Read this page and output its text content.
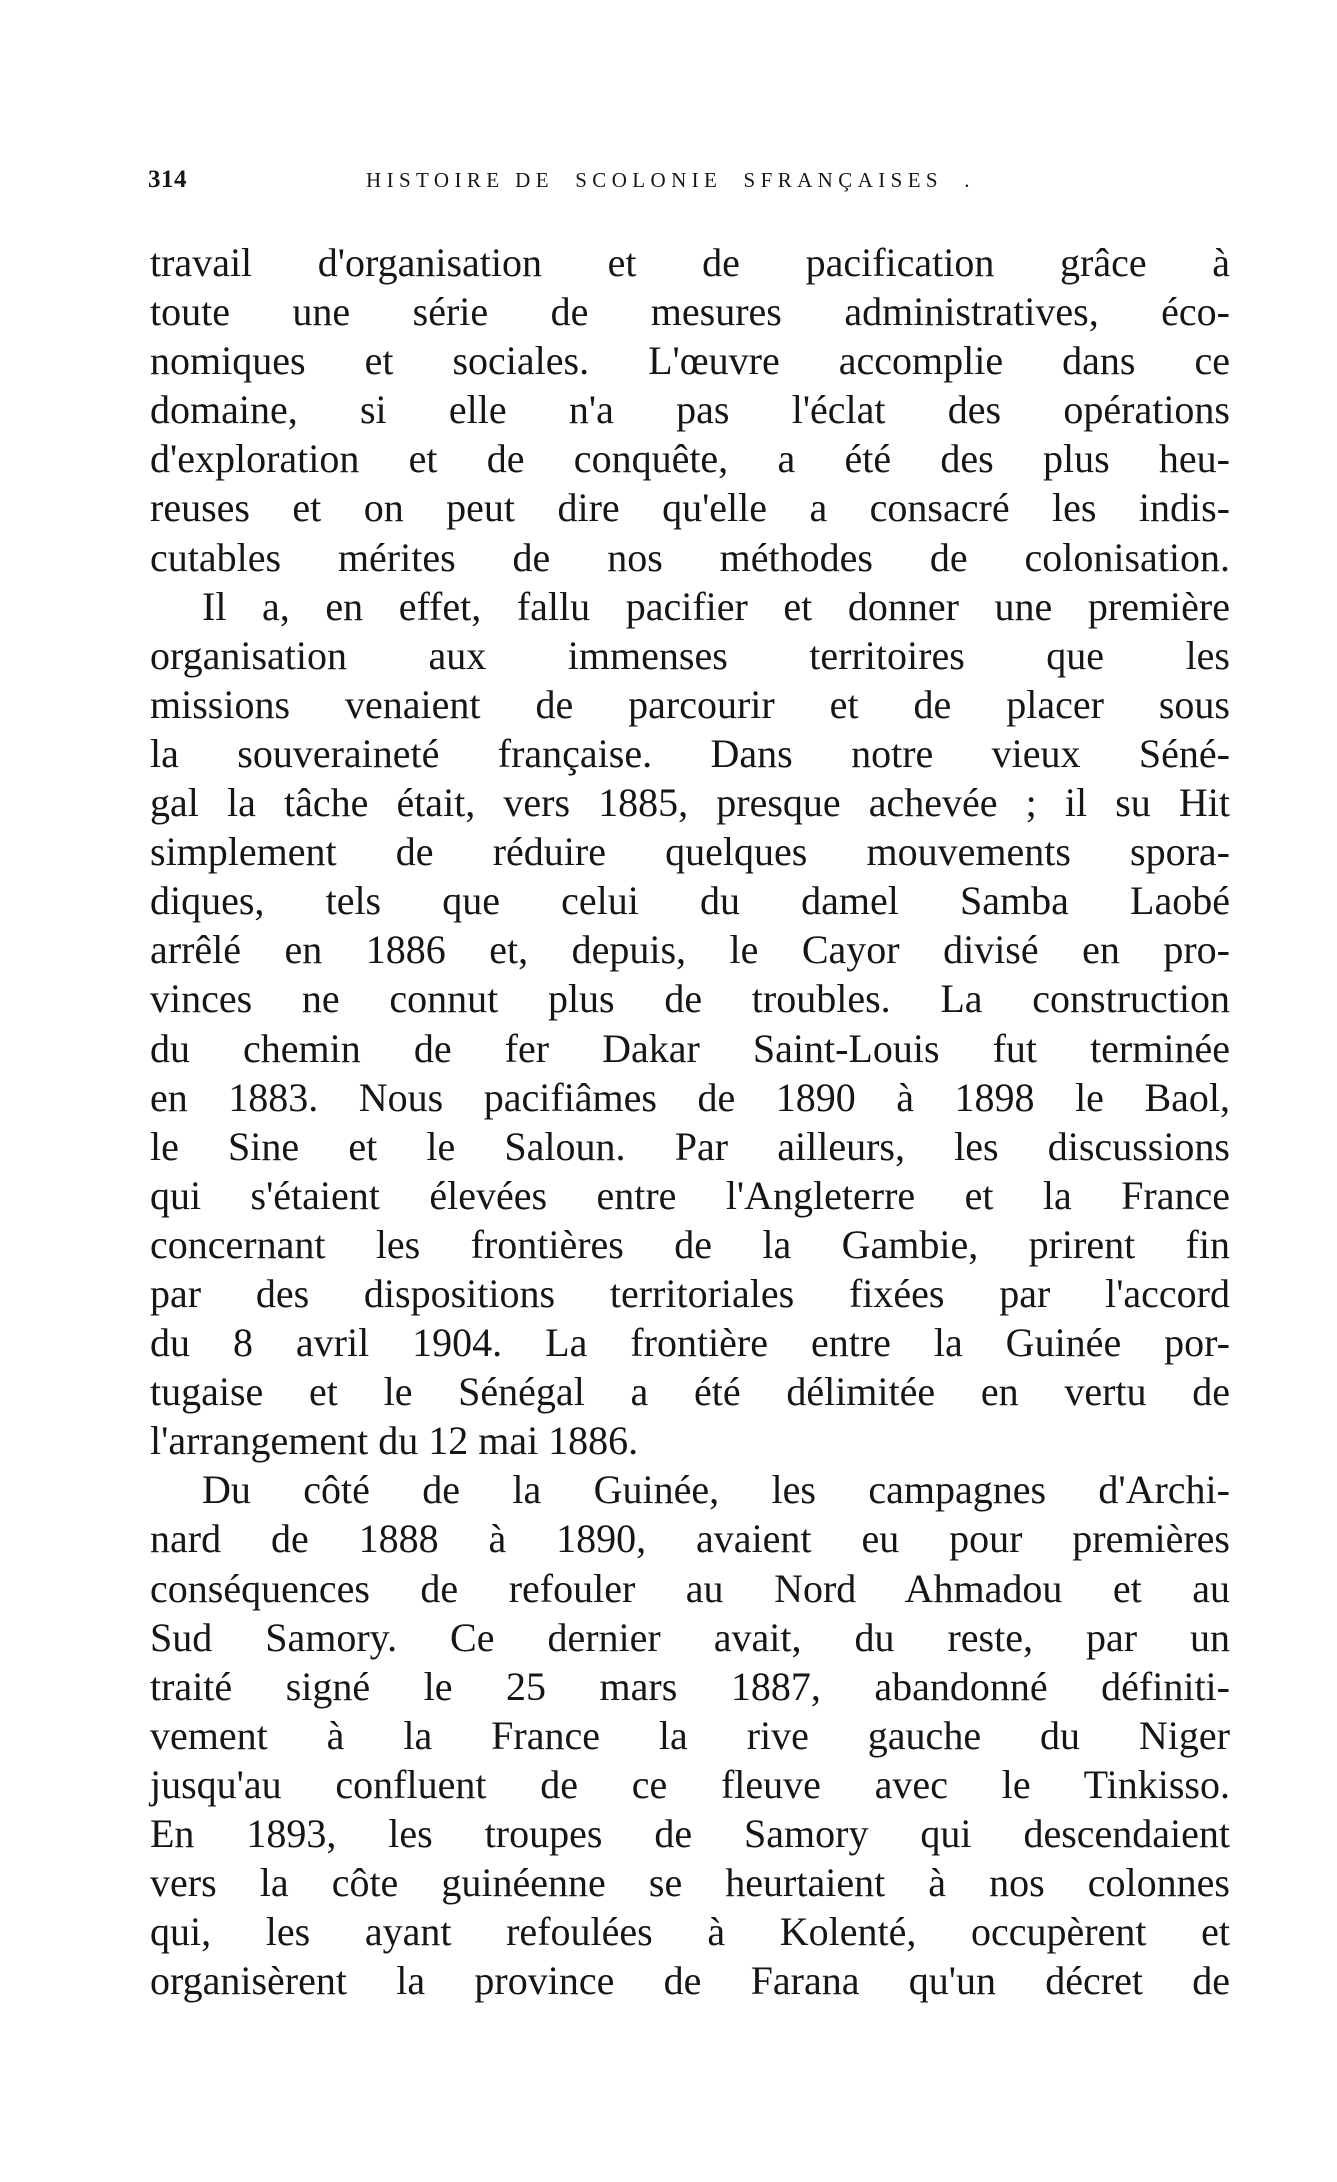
314	HISTOIRE DE  SCOLONIE  SFRANÇAISES  .
travail d'organisation et de pacification grâce à
toute une série de mesures administratives, éco-
nomiques et sociales. L'œuvre accomplie dans ce
domaine, si elle n'a pas l'éclat des opérations
d'exploration et de conquête, a été des plus heu-
reuses et on peut dire qu'elle a consacré les indis-
cutables mérites de nos méthodes de colonisation.
Il a, en effet, fallu pacifier et donner une première
organisation aux immenses territoires que les
missions venaient de parcourir et de placer sous
la souveraineté française. Dans notre vieux Séné-
gal la tâche était, vers 1885, presque achevée ; il su Hit
simplement de réduire quelques mouvements spora-
diques, tels que celui du damel Samba Laobé
arrêlé en 1886 et, depuis, le Cayor divisé en pro-
vinces ne connut plus de troubles. La construction
du chemin de fer Dakar Saint-Louis fut terminée
en 1883. Nous pacifiâmes de 1890 à 1898 le Baol,
le Sine et le Saloun. Par ailleurs, les discussions
qui s'étaient élevées entre l'Angleterre et la France
concernant les frontières de la Gambie, prirent fin
par des dispositions territoriales fixées par l'accord
du 8 avril 1904. La frontière entre la Guinée por-
tugaise et le Sénégal a été délimitée en vertu de
l'arrangement du 12 mai 1886.
Du côté de la Guinée, les campagnes d'Archi-
nard de 1888 à 1890, avaient eu pour premières
conséquences de refouler au Nord Ahmadou et au
Sud Samory. Ce dernier avait, du reste, par un
traité signé le 25 mars 1887, abandonné définiti-
vement à la France la rive gauche du Niger
jusqu'au confluent de ce fleuve avec le Tinkisso.
En 1893, les troupes de Samory qui descendaient
vers la côte guinéenne se heurtaient à nos colonnes
qui, les ayant refoulées à Kolenté, occupèrent et
organisèrent la province de Farana qu'un décret de
